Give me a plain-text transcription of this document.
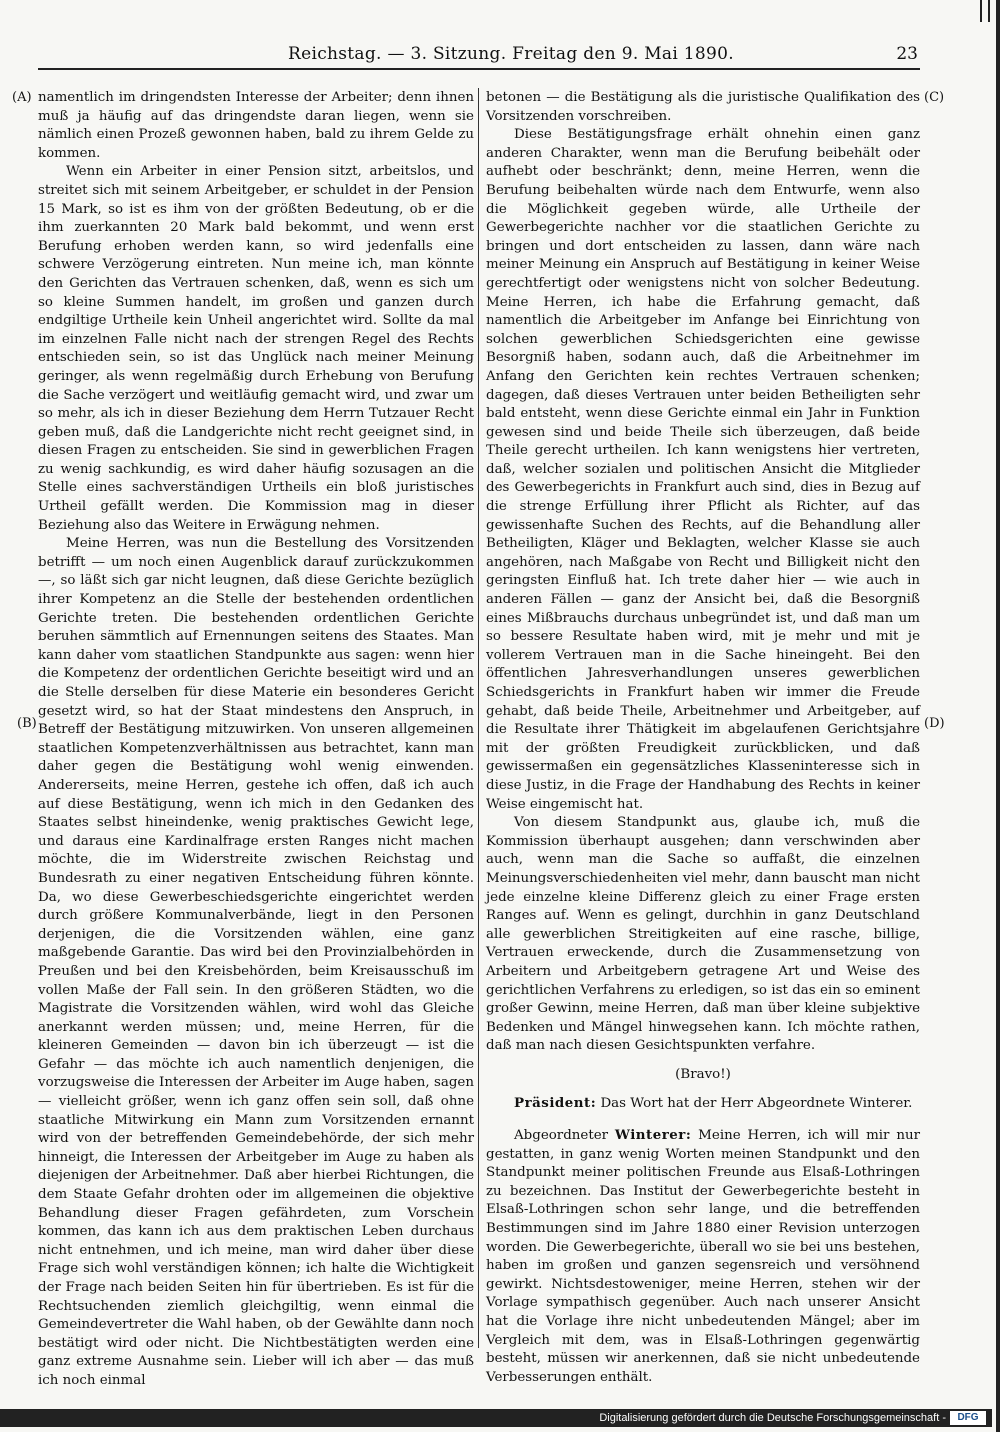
Reichstag. — 3. Sitzung. Freitag den 9. Mai 1890.	23
(A)
(B)
(C)
(D)

namentlich im dringendsten Interesse der Arbeiter; denn ihnen muß ja häufig auf das dringendste daran liegen, wenn sie nämlich einen Prozeß gewonnen haben, bald zu ihrem Gelde zu kommen.

Wenn ein Arbeiter in einer Pension sitzt, arbeitslos, und streitet sich mit seinem Arbeitgeber, er schuldet in der Pension 15 Mark, so ist es ihm von der größten Bedeutung, ob er die ihm zuerkannten 20 Mark bald bekommt, und wenn erst Berufung erhoben werden kann, so wird jedenfalls eine schwere Verzögerung eintreten. Nun meine ich, man könnte den Gerichten das Vertrauen schenken, daß, wenn es sich um so kleine Summen handelt, im großen und ganzen durch endgiltige Urtheile kein Unheil angerichtet wird. Sollte da mal im einzelnen Falle nicht nach der strengen Regel des Rechts entschieden sein, so ist das Unglück nach meiner Meinung geringer, als wenn regelmäßig durch Erhebung von Berufung die Sache verzögert und weitläufig gemacht wird, und zwar um so mehr, als ich in dieser Beziehung dem Herrn Tutzauer Recht geben muß, daß die Landgerichte nicht recht geeignet sind, in diesen Fragen zu entscheiden. Sie sind in gewerblichen Fragen zu wenig sachkundig, es wird daher häufig sozusagen an die Stelle eines sachverständigen Urtheils ein bloß juristisches Urtheil gefällt werden. Die Kommission mag in dieser Beziehung also das Weitere in Erwägung nehmen.

Meine Herren, was nun die Bestellung des Vorsitzenden betrifft — um noch einen Augenblick darauf zurückzukommen —, so läßt sich gar nicht leugnen, daß diese Gerichte bezüglich ihrer Kompetenz an die Stelle der bestehenden ordentlichen Gerichte treten. Die bestehenden ordentlichen Gerichte beruhen sämmtlich auf Ernennungen seitens des Staates. Man kann daher vom staatlichen Standpunkte aus sagen: wenn hier die Kompetenz der ordentlichen Gerichte beseitigt wird und an die Stelle derselben für diese Materie ein besonderes Gericht gesetzt wird, so hat der Staat mindestens den Anspruch, in Betreff der Bestätigung mitzuwirken. Von unseren allgemeinen staatlichen Kompetenzverhältnissen aus betrachtet, kann man daher gegen die Bestätigung wohl wenig einwenden. Andererseits, meine Herren, gestehe ich offen, daß ich auch auf diese Bestätigung, wenn ich mich in den Gedanken des Staates selbst hineindenke, wenig praktisches Gewicht lege, und daraus eine Kardinalfrage ersten Ranges nicht machen möchte, die im Widerstreite zwischen Reichstag und Bundesrath zu einer negativen Entscheidung führen könnte. Da, wo diese Gewerbeschiedsgerichte eingerichtet werden durch größere Kommunalverbände, liegt in den Personen derjenigen, die die Vorsitzenden wählen, eine ganz maßgebende Garantie. Das wird bei den Provinzialbehörden in Preußen und bei den Kreisbehörden, beim Kreisausschuß im vollen Maße der Fall sein. In den größeren Städten, wo die Magistrate die Vorsitzenden wählen, wird wohl das Gleiche anerkannt werden müssen; und, meine Herren, für die kleineren Gemeinden — davon bin ich überzeugt — ist die Gefahr — das möchte ich auch namentlich denjenigen, die vorzugsweise die Interessen der Arbeiter im Auge haben, sagen — vielleicht größer, wenn ich ganz offen sein soll, daß ohne staatliche Mitwirkung ein Mann zum Vorsitzenden ernannt wird von der betreffenden Gemeindebehörde, der sich mehr hinneigt, die Interessen der Arbeitgeber im Auge zu haben als diejenigen der Arbeitnehmer. Daß aber hierbei Richtungen, die dem Staate Gefahr drohten oder im allgemeinen die objektive Behandlung dieser Fragen gefährdeten, zum Vorschein kommen, das kann ich aus dem praktischen Leben durchaus nicht entnehmen, und ich meine, man wird daher über diese Frage sich wohl verständigen können; ich halte die Wichtigkeit der Frage nach beiden Seiten hin für übertrieben. Es ist für die Rechtsuchenden ziemlich gleichgiltig, wenn einmal die Gemeindevertreter die Wahl haben, ob der Gewählte dann noch bestätigt wird oder nicht. Die Nichtbestätigten werden eine ganz extreme Ausnahme sein. Lieber will ich aber — das muß ich noch einmal

betonen — die Bestätigung als die juristische Qualifikation des Vorsitzenden vorschreiben.

Diese Bestätigungsfrage erhält ohnehin einen ganz anderen Charakter, wenn man die Berufung beibehält oder aufhebt oder beschränkt; denn, meine Herren, wenn die Berufung beibehalten würde nach dem Entwurfe, wenn also die Möglichkeit gegeben würde, alle Urtheile der Gewerbegerichte nachher vor die staatlichen Gerichte zu bringen und dort entscheiden zu lassen, dann wäre nach meiner Meinung ein Anspruch auf Bestätigung in keiner Weise gerechtfertigt oder wenigstens nicht von solcher Bedeutung. Meine Herren, ich habe die Erfahrung gemacht, daß namentlich die Arbeitgeber im Anfange bei Einrichtung von solchen gewerblichen Schiedsgerichten eine gewisse Besorgniß haben, sodann auch, daß die Arbeitnehmer im Anfang den Gerichten kein rechtes Vertrauen schenken; dagegen, daß dieses Vertrauen unter beiden Betheiligten sehr bald entsteht, wenn diese Gerichte einmal ein Jahr in Funktion gewesen sind und beide Theile sich überzeugen, daß beide Theile gerecht urtheilen. Ich kann wenigstens hier vertreten, daß, welcher sozialen und politischen Ansicht die Mitglieder des Gewerbegerichts in Frankfurt auch sind, dies in Bezug auf die strenge Erfüllung ihrer Pflicht als Richter, auf das gewissenhafte Suchen des Rechts, auf die Behandlung aller Betheiligten, Kläger und Beklagten, welcher Klasse sie auch angehören, nach Maßgabe von Recht und Billigkeit nicht den geringsten Einfluß hat. Ich trete daher hier — wie auch in anderen Fällen — ganz der Ansicht bei, daß die Besorgniß eines Mißbrauchs durchaus unbegründet ist, und daß man um so bessere Resultate haben wird, mit je mehr und mit je vollerem Vertrauen man in die Sache hineingeht. Bei den öffentlichen Jahresverhandlungen unseres gewerblichen Schiedsgerichts in Frankfurt haben wir immer die Freude gehabt, daß beide Theile, Arbeitnehmer und Arbeitgeber, auf die Resultate ihrer Thätigkeit im abgelaufenen Gerichtsjahre mit der größten Freudigkeit zurückblicken, und daß gewissermaßen ein gegensätzliches Klasseninteresse sich in diese Justiz, in die Frage der Handhabung des Rechts in keiner Weise eingemischt hat.

Von diesem Standpunkt aus, glaube ich, muß die Kommission überhaupt ausgehen; dann verschwinden aber auch, wenn man die Sache so auffaßt, die einzelnen Meinungsverschiedenheiten viel mehr, dann bauscht man nicht jede einzelne kleine Differenz gleich zu einer Frage ersten Ranges auf. Wenn es gelingt, durchhin in ganz Deutschland alle gewerblichen Streitigkeiten auf eine rasche, billige, Vertrauen erweckende, durch die Zusammensetzung von Arbeitern und Arbeitgebern getragene Art und Weise des gerichtlichen Verfahrens zu erledigen, so ist das ein so eminent großer Gewinn, meine Herren, daß man über kleine subjektive Bedenken und Mängel hinwegsehen kann. Ich möchte rathen, daß man nach diesen Gesichtspunkten verfahre.

(Bravo!)

Präsident: Das Wort hat der Herr Abgeordnete Winterer.

Abgeordneter Winterer: Meine Herren, ich will mir nur gestatten, in ganz wenig Worten meinen Standpunkt und den Standpunkt meiner politischen Freunde aus Elsaß-Lothringen zu bezeichnen. Das Institut der Gewerbegerichte besteht in Elsaß-Lothringen schon sehr lange, und die betreffenden Bestimmungen sind im Jahre 1880 einer Revision unterzogen worden. Die Gewerbegerichte, überall wo sie bei uns bestehen, haben im großen und ganzen segensreich und versöhnend gewirkt. Nichtsdestoweniger, meine Herren, stehen wir der Vorlage sympathisch gegenüber. Auch nach unserer Ansicht hat die Vorlage ihre nicht unbedeutenden Mängel; aber im Vergleich mit dem, was in Elsaß-Lothringen gegenwärtig besteht, müssen wir anerkennen, daß sie nicht unbedeutende Verbesserungen enthält.

Digitalisierung gefördert durch die Deutsche Forschungsgemeinschaft -	DFG
